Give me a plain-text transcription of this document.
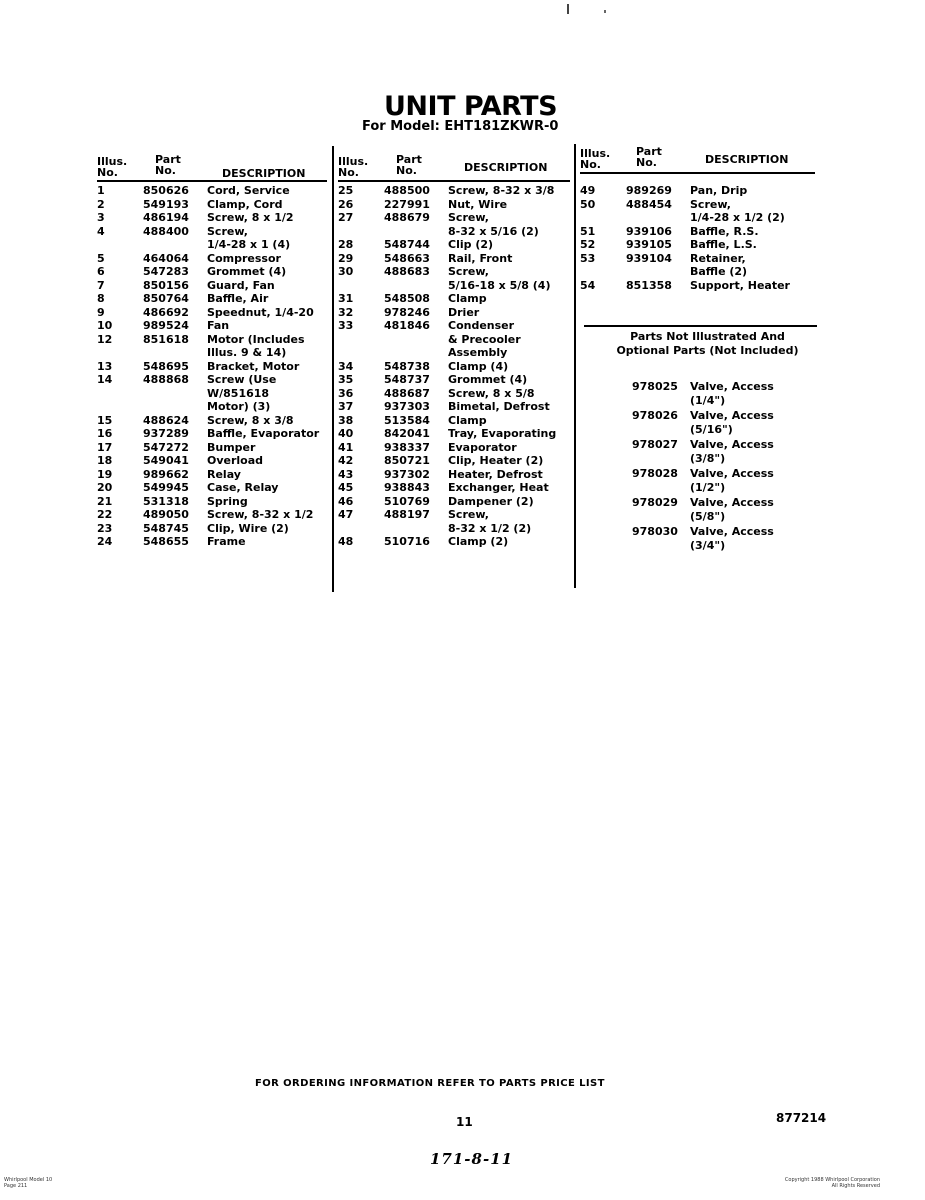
UNIT PARTS
For Model: EHT181ZKWR-0
Illus.
No.
Part
No.	DESCRIPTION
1	850626	Cord, Service
2	549193	Clamp, Cord
3	486194	Screw, 8 x 1/2
4	488400	Screw,
1/4-28 x 1 (4)
5	464064	Compressor
6	547283	Grommet (4)
7	850156	Guard, Fan
8	850764	Baffle, Air
9	486692	Speednut, 1/4-20
10	989524	Fan
12	851618	Motor (Includes
Illus. 9 & 14)
13	548695	Bracket, Motor
14	488868	Screw (Use
W/851618
Motor) (3)
15	488624	Screw, 8 x 3/8
16	937289	Baffle, Evaporator
17	547272	Bumper
18	549041	Overload
19	989662	Relay
20	549945	Case, Relay
21	531318	Spring
22	489050	Screw, 8-32 x 1/2
23	548745	Clip, Wire (2)
24	548655	Frame
Illus.
No.
Part
No.	DESCRIPTION
25	488500	Screw, 8-32 x 3/8
26	227991	Nut, Wire
27	488679	Screw,
8-32 x 5/16 (2)
28	548744	Clip (2)
29	548663	Rail, Front
30	488683	Screw,
5/16-18 x 5/8 (4)
31	548508	Clamp
32	978246	Drier
33	481846	Condenser
& Precooler
Assembly
34	548738	Clamp (4)
35	548737	Grommet (4)
36	488687	Screw, 8 x 5/8
37	937303	Bimetal, Defrost
38	513584	Clamp
40	842041	Tray, Evaporating
41	938337	Evaporator
42	850721	Clip, Heater (2)
43	937302	Heater, Defrost
45	938843	Exchanger, Heat
46	510769	Dampener (2)
47	488197	Screw,
8-32 x 1/2 (2)
48	510716	Clamp (2)
Illus.
No.
Part
No.	DESCRIPTION
49	989269	Pan, Drip
50	488454	Screw,
1/4-28 x 1/2 (2)
51	939106	Baffle, R.S.
52	939105	Baffle, L.S.
53	939104	Retainer,
Baffle (2)
54	851358	Support, Heater
Parts Not Illustrated And
Optional Parts (Not Included)
978025	Valve, Access
(1/4")
978026	Valve, Access
(5/16")
978027	Valve, Access
(3/8")
978028	Valve, Access
(1/2")
978029	Valve, Access
(5/8")
978030	Valve, Access
(3/4")
FOR ORDERING INFORMATION REFER TO PARTS PRICE LIST
11	877214
171-8-11
Whirlpool Model 10
Page 211
Copyright 1988 Whirlpool Corporation
All Rights Reserved
